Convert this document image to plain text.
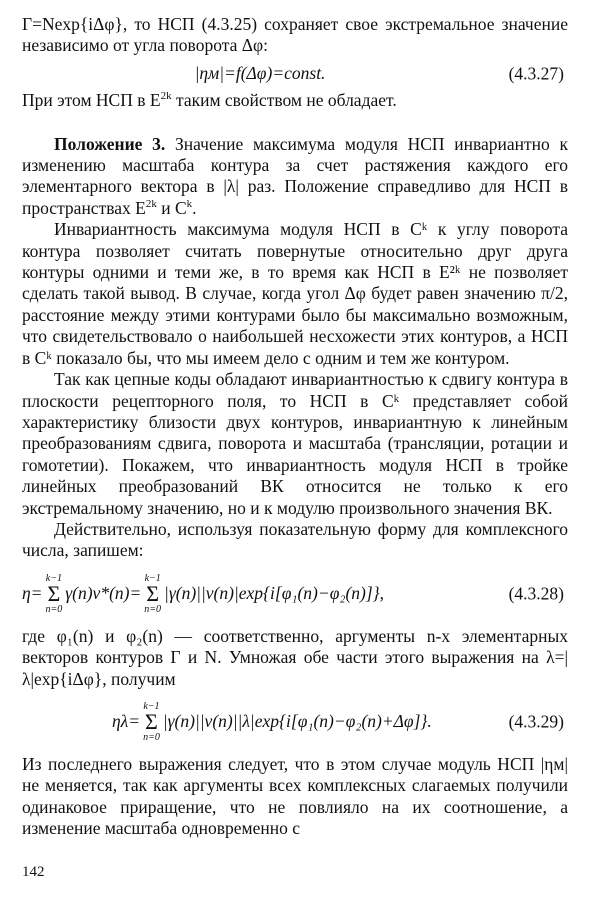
Γ=Nexp{iΔφ}, то НСП (4.3.25) сохраняет свое экстремальное значение независимо от угла поворота Δφ:

|ηм|=f(Δφ)=const.	(4.3.27)

При этом НСП в $E^{2k}$ таким свойством не обладает.

Положение 3. Значение максимума модуля НСП инвариантно к изменению масштаба контура за счет растяжения каждого его элементарного вектора в |λ| раз. Положение справедливо для НСП в пространствах $E^{2k}$ и $C^k$.

Инвариантность максимума модуля НСП в Cᵏ к углу поворота контура позволяет считать повернутые относительно друг друга контуры одними и теми же, в то время как НСП в E²ᵏ не позволяет сделать такой вывод. В случае, когда угол Δφ будет равен значению π/2, расстояние между этими контурами было бы максимально возможным, что свидетельствовало о наибольшей несхожести этих контуров, а НСП в Cᵏ показало бы, что мы имеем дело с одним и тем же контуром.

Так как цепные коды обладают инвариантностью к сдвигу контура в плоскости рецепторного поля, то НСП в Cᵏ представляет собой характеристику близости двух контуров, инвариантную к линейным преобразованиям сдвига, поворота и масштаба (трансляции, ротации и гомотетии). Покажем, что инвариантность модуля НСП в тройке линейных преобразований ВК относится не только к его экстремальному значению, но и к модулю произвольного значения ВК.

Действительно, используя показательную форму для комплексного числа, запишем:

η=
k−1
Σ
n=0
γ(n)ν*(n)=
k−1
Σ
n=0
|γ(n)||ν(n)|exp{i[φ₁(n)−φ₂(n)]},	(4.3.28)

где φ₁(n) и φ₂(n) — соответственно, аргументы n-х элементарных векторов контуров Γ и N. Умножая обе части этого выражения на λ=|λ|exp{iΔφ}, получим

ηλ=
k−1
Σ
n=0
|γ(n)||ν(n)||λ|exp{i[φ₁(n)−φ₂(n)+Δφ]}.	(4.3.29)

Из последнего выражения следует, что в этом случае модуль НСП |ηм| не меняется, так как аргументы всех комплексных слагаемых получили одинаковое приращение, что не повлияло на их соотношение, а изменение масштаба одновременно с

142
